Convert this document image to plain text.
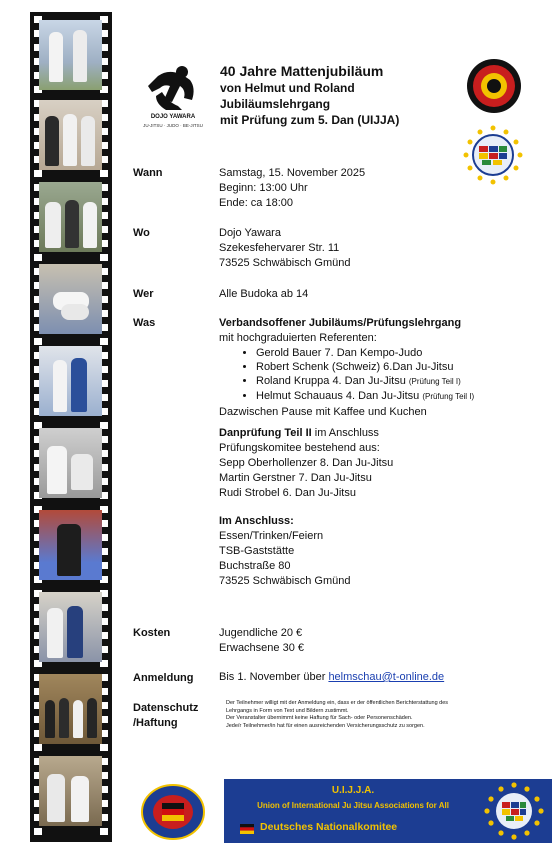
DOJO YAWARA
JU-JITSU · JUDO · BE-JITSU
40 Jahre Mattenjubiläum
von Helmut und Roland
Jubiläumslehrgang
mit Prüfung zum 5. Dan (UIJJA)
Wann	Samstag, 15. November 2025
Beginn: 13:00 Uhr
Ende: ca 18:00
Wo	Dojo Yawara
Szekesfehervarer Str. 11
73525 Schwäbisch Gmünd
Wer	Alle Budoka ab 14
Was	Verbandsoffener Jubiläums/Prüfungslehrgang
mit hochgraduierten Referenten:
• Gerold Bauer 7. Dan Kempo-Judo
• Robert Schenk (Schweiz) 6.Dan Ju-Jitsu
• Roland Kruppa 4. Dan Ju-Jitsu (Prüfung Teil I)
• Helmut Schauaus 4. Dan Ju-Jitsu (Prüfung Teil I)
Dazwischen Pause mit Kaffee und Kuchen
Danprüfung Teil II im Anschluss
Prüfungskomitee bestehend aus:
Sepp Oberhollenzer 8. Dan Ju-Jitsu
Martin Gerstner 7. Dan Ju-Jitsu
Rudi Strobel 6. Dan Ju-Jitsu
Im Anschluss:
Essen/Trinken/Feiern
TSB-Gaststätte
Buchstraße 80
73525 Schwäbisch Gmünd
Kosten	Jugendliche 20 €
Erwachsene 30 €
Anmeldung Bis 1. November über helmschau@t-online.de
Datenschutz
/Haftung
Der Teilnehmer willigt mit der Anmeldung ein, dass er der öffentlichen Berichterstattung des Lehrgangs in Form von Text und Bildern zustimmt.
Der Veranstalter übernimmt keine Haftung für Sach- oder Personenschäden.
Jede/r Teilnehmer/in hat für einen ausreichenden Versicherungsschutz zu sorgen.
U.I.J.J.A.
Union of International Ju Jitsu Associations for All
Deutsches Nationalkomitee
